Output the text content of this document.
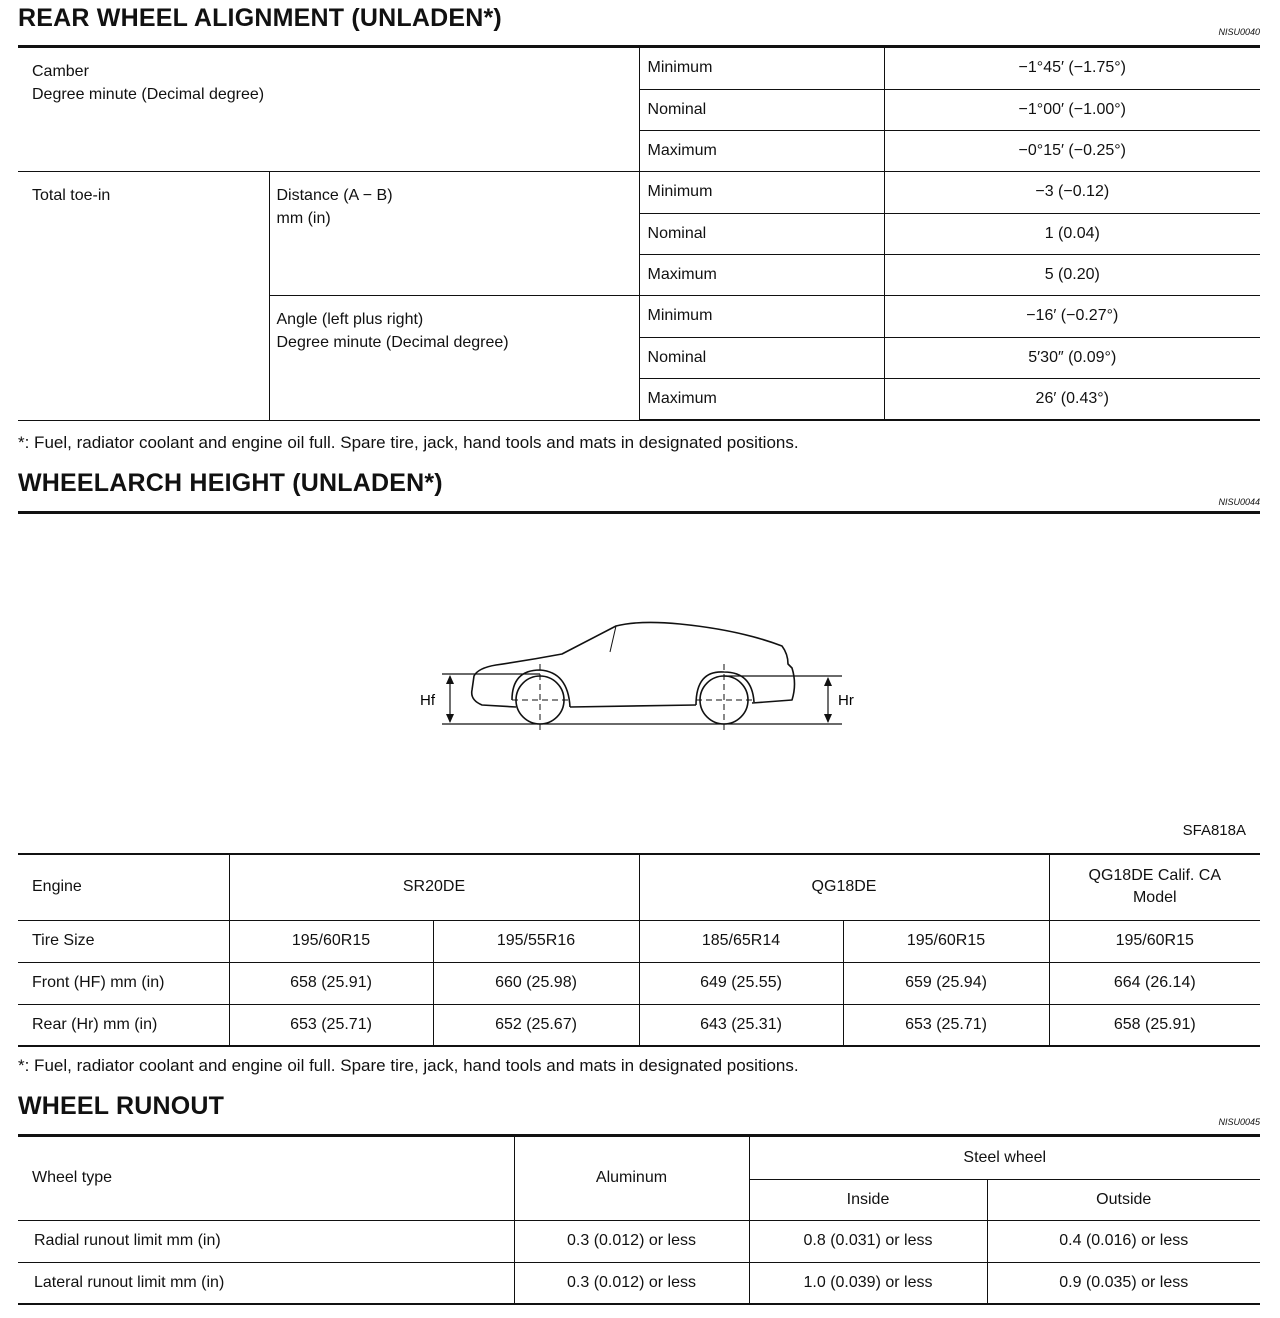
REAR WHEEL ALIGNMENT (UNLADEN*)	NISU0040
Camber
Degree minute (Decimal degree)		Minimum	−1°45′ (−1.75°)
		Nominal	−1°00′ (−1.00°)
		Maximum	−0°15′ (−0.25°)
Total toe-in	Distance (A − B)
mm (in)	Minimum	−3 (−0.12)
		Nominal	1 (0.04)
		Maximum	5 (0.20)

	Angle (left plus right)
Degree minute (Decimal degree)	Minimum	−16′ (−0.27°)
		Nominal	5′30″ (0.09°)
		Maximum	26′ (0.43°)
*: Fuel, radiator coolant and engine oil full. Spare tire, jack, hand tools and mats in designated positions.
WHEELARCH HEIGHT (UNLADEN*)
NISU0044
Hf	Hr
SFA818A
Engine	SR20DE		QG18DE		QG18DE Calif. CA Model
Tire Size	195/60R15	195/55R16	185/65R14	195/60R15	195/60R15
Front (HF) mm (in)	658 (25.91)	660 (25.98)	649 (25.55)	659 (25.94)	664 (26.14)
Rear (Hr) mm (in)	653 (25.71)	652 (25.67)	643 (25.31)	653 (25.71)	658 (25.91)
*: Fuel, radiator coolant and engine oil full. Spare tire, jack, hand tools and mats in designated positions.
WHEEL RUNOUT
NISU0045
Wheel type	Aluminum	Steel wheel	
		Inside	Outside
Radial runout limit mm (in)	0.3 (0.012) or less	0.8 (0.031) or less	0.4 (0.016) or less
Lateral runout limit mm (in)	0.3 (0.012) or less	1.0 (0.039) or less	0.9 (0.035) or less
